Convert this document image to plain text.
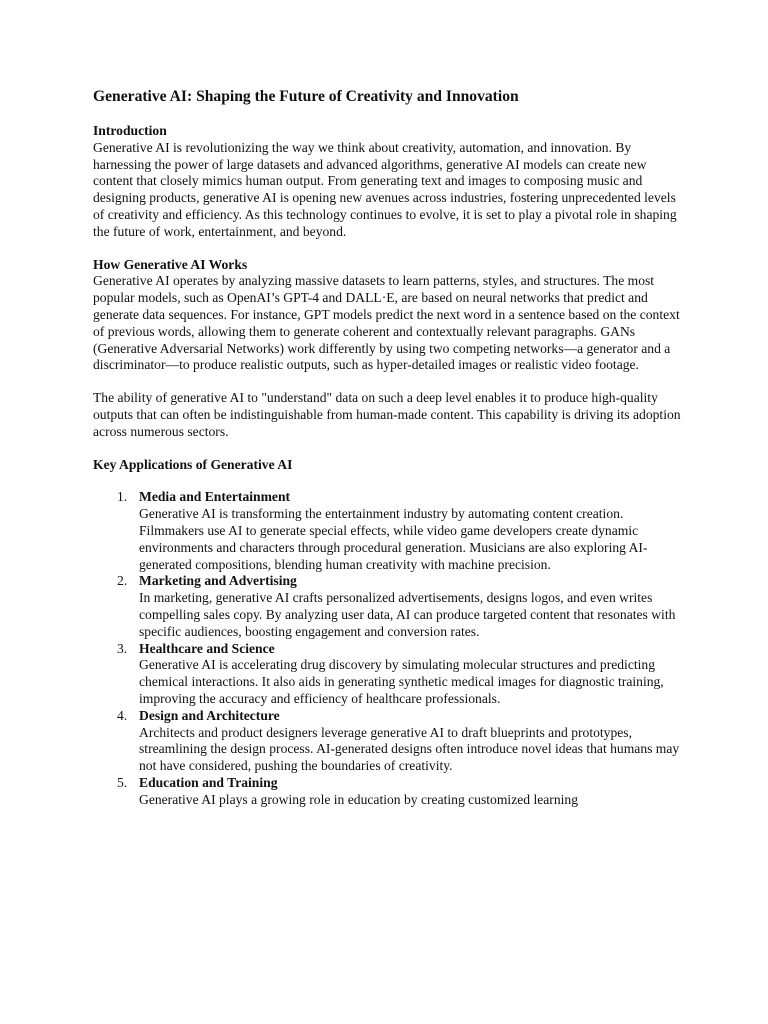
Generative AI: Shaping the Future of Creativity and Innovation
Introduction
Generative AI is revolutionizing the way we think about creativity, automation, and innovation. By harnessing the power of large datasets and advanced algorithms, generative AI models can create new content that closely mimics human output. From generating text and images to composing music and designing products, generative AI is opening new avenues across industries, fostering unprecedented levels of creativity and efficiency. As this technology continues to evolve, it is set to play a pivotal role in shaping the future of work, entertainment, and beyond.
How Generative AI Works
Generative AI operates by analyzing massive datasets to learn patterns, styles, and structures. The most popular models, such as OpenAI’s GPT-4 and DALL·E, are based on neural networks that predict and generate data sequences. For instance, GPT models predict the next word in a sentence based on the context of previous words, allowing them to generate coherent and contextually relevant paragraphs. GANs (Generative Adversarial Networks) work differently by using two competing networks—a generator and a discriminator—to produce realistic outputs, such as hyper-detailed images or realistic video footage.
The ability of generative AI to "understand" data on such a deep level enables it to produce high-quality outputs that can often be indistinguishable from human-made content. This capability is driving its adoption across numerous sectors.
Key Applications of Generative AI
1. Media and Entertainment
Generative AI is transforming the entertainment industry by automating content creation. Filmmakers use AI to generate special effects, while video game developers create dynamic environments and characters through procedural generation. Musicians are also exploring AI-generated compositions, blending human creativity with machine precision.
2. Marketing and Advertising
In marketing, generative AI crafts personalized advertisements, designs logos, and even writes compelling sales copy. By analyzing user data, AI can produce targeted content that resonates with specific audiences, boosting engagement and conversion rates.
3. Healthcare and Science
Generative AI is accelerating drug discovery by simulating molecular structures and predicting chemical interactions. It also aids in generating synthetic medical images for diagnostic training, improving the accuracy and efficiency of healthcare professionals.
4. Design and Architecture
Architects and product designers leverage generative AI to draft blueprints and prototypes, streamlining the design process. AI-generated designs often introduce novel ideas that humans may not have considered, pushing the boundaries of creativity.
5. Education and Training
Generative AI plays a growing role in education by creating customized learning
